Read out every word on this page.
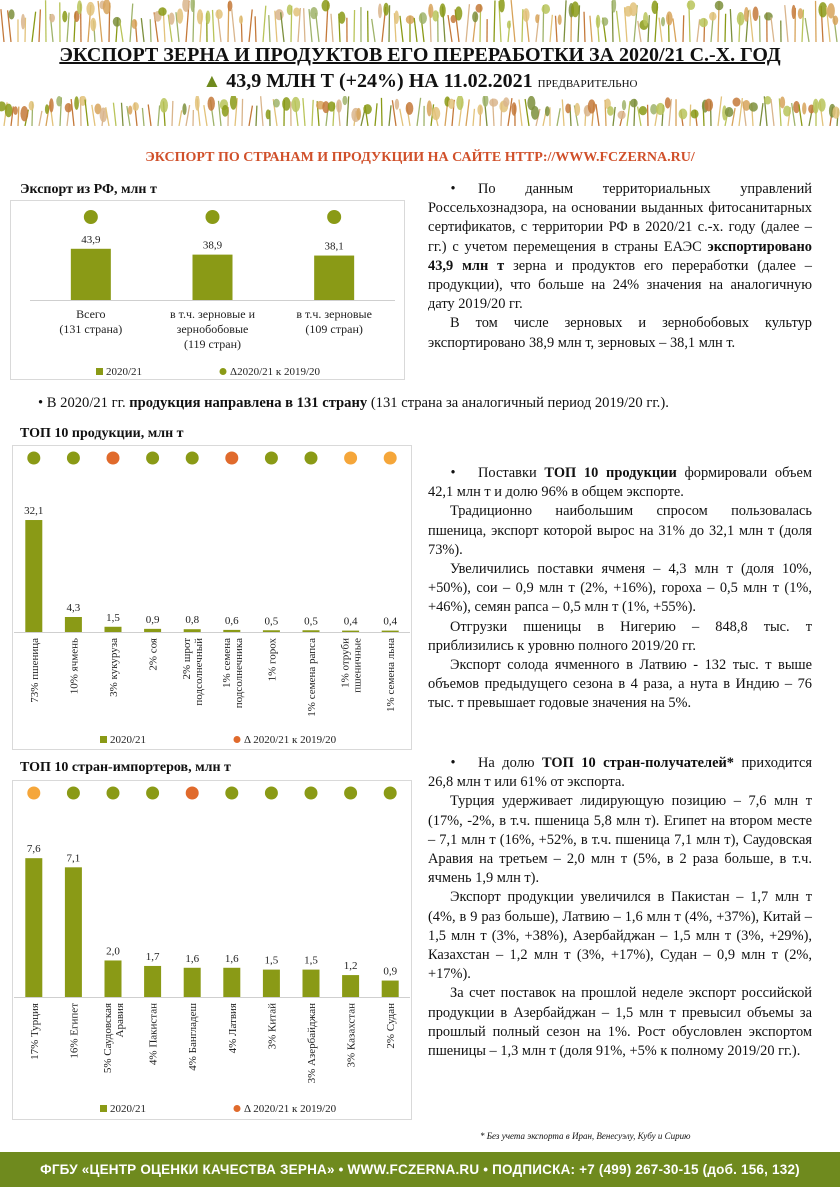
ЭКСПОРТ ЗЕРНА И ПРОДУКТОВ ЕГО ПЕРЕРАБОТКИ ЗА 2020/21 С.-Х. ГОД
▲ 43,9 МЛН Т (+24%) НА 11.02.2021 ПРЕДВАРИТЕЛЬНО
ЭКСПОРТ ПО СТРАНАМ И ПРОДУКЦИИ НА САЙТЕ HTTP://WWW.FCZERNA.RU/
Экспорт из РФ, млн т
43,9
Всего
(131 страна)
38,9
в т.ч. зерновые и
зернобобовые
(119 стран)
38,1
в т.ч. зерновые
(109 стран)
2020/21	Δ2020/21 к 2019/20

• По данным территориальных управлений Россельхознадзора, на основании выданных фитосанитарных сертификатов, с территории РФ в 2020/21 с.-х. году (далее – гг.) с учетом перемещения в страны ЕАЭС экспортировано 43,9 млн т зерна и продуктов его переработки (далее – продукции), что больше на 24% значения на аналогичную дату 2019/20 гг.

В том числе зерновых и зернобобовых культур экспортировано 38,9 млн т, зерновых – 38,1 млн т.

• В 2020/21 гг. продукция направлена в 131 страну (131 страна за аналогичный период 2019/20 гг.).
ТОП 10 продукции, млн т
32,1
73% пшеница
4,3
10% ячмень
1,5
3% кукуруза
0,9
2% соя
0,8
2% шрот подсолнечный
0,6
1% семена подсолнечника
0,5
1% горох
0,5
1% семена рапса
0,4
1% отруби пшеничные
0,4
1% семена льна
2020/21	Δ 2020/21 к 2019/20

• Поставки ТОП 10 продукции формировали объем 42,1 млн т и долю 96% в общем экспорте.

Традиционно наибольшим спросом пользовалась пшеница, экспорт которой вырос на 31% до 32,1 млн т (доля 73%).

Увеличились поставки ячменя – 4,3 млн т (доля 10%, +50%), сои – 0,9 млн т (2%, +16%), гороха – 0,5 млн т (1%, +46%), семян рапса – 0,5 млн т (1%, +55%).

Отгрузки пшеницы в Нигерию – 848,8 тыс. т приблизились к уровню полного 2019/20 гг.

Экспорт солода ячменного в Латвию - 132 тыс. т выше объемов предыдущего сезона в 4 раза, а нута в Индию – 76 тыс. т превышает годовые значения на 5%.

ТОП 10 стран-импортеров, млн т
7,6
17% Турция
7,1
16% Египет
2,0
5% Саудовская Аравия
1,7
4% Пакистан
1,6
4% Бангладеш
1,6
4% Латвия
1,5
3% Китай
1,5
3% Азербайджан
1,2
3% Казахстан
0,9
2% Судан
2020/21	Δ 2020/21 к 2019/20

• На долю ТОП 10 стран-получателей* приходится 26,8 млн т или 61% от экспорта.

Турция удерживает лидирующую позицию – 7,6 млн т (17%, -2%, в т.ч. пшеница 5,8 млн т). Египет на втором месте – 7,1 млн т (16%, +52%, в т.ч. пшеница 7,1 млн т), Саудовская Аравия на третьем – 2,0 млн т (5%, в 2 раза больше, в т.ч. ячмень 1,9 млн т).

Экспорт продукции увеличился в Пакистан – 1,7 млн т (4%, в 9 раз больше), Латвию – 1,6 млн т (4%, +37%), Китай – 1,5 млн т (3%, +38%), Азербайджан – 1,5 млн т (3%, +29%), Казахстан – 1,2 млн т (3%, +17%), Судан – 0,9 млн т (2%, +17%).

За счет поставок на прошлой неделе экспорт российской продукции в Азербайджан – 1,5 млн т превысил объемы за прошлый полный сезон на 1%. Рост обусловлен экспортом пшеницы – 1,3 млн т (доля 91%, +5% к полному 2019/20 гг.).

* Без учета экспорта в Иран, Венесуэлу, Кубу и Сирию
ФГБУ «ЦЕНТР ОЦЕНКИ КАЧЕСТВА ЗЕРНА» • WWW.FCZERNA.RU • ПОДПИСКА: +7 (499) 267-30-15 (доб. 156, 132)
